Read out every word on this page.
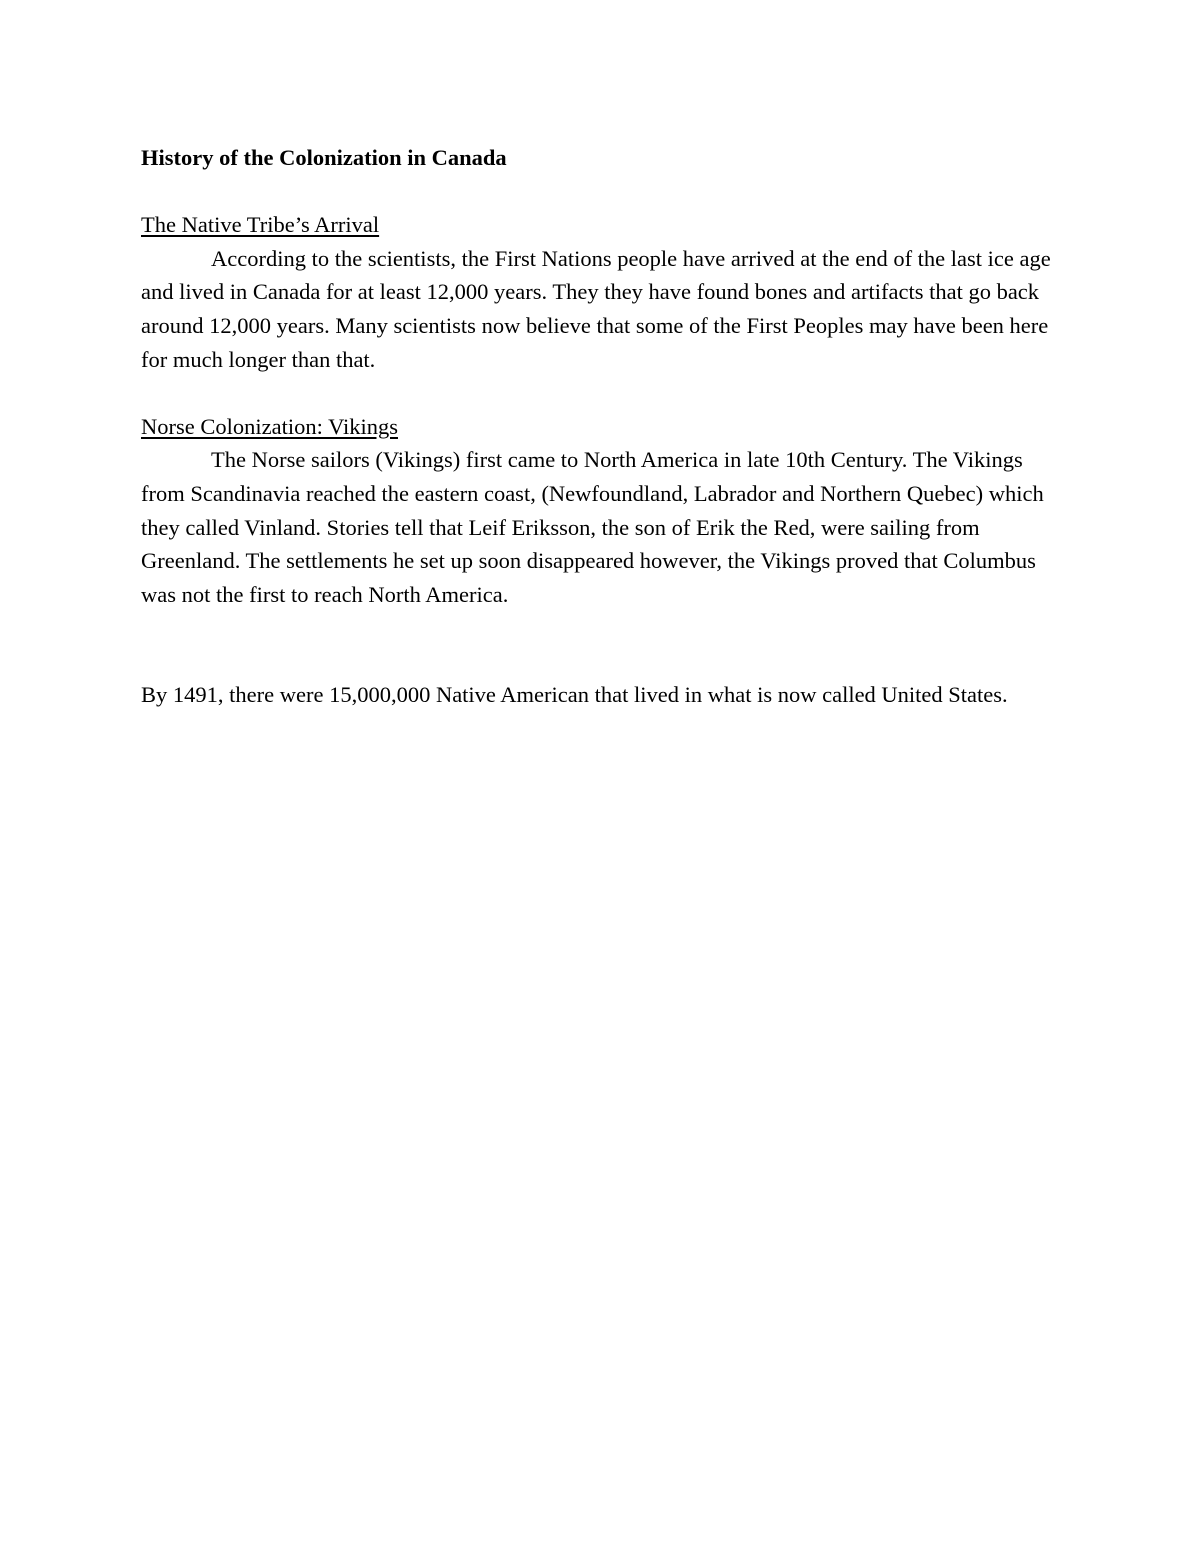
History of the Colonization in Canada

The Native Tribe’s Arrival

According to the scientists, the First Nations people have arrived at the end of the last ice age and lived in Canada for at least 12,000 years. They they have found bones and artifacts that go back around 12,000 years. Many scientists now believe that some of the First Peoples may have been here for much longer than that.

Norse Colonization: Vikings

The Norse sailors (Vikings) first came to North America in late 10th Century. The Vikings from Scandinavia reached the eastern coast, (Newfoundland, Labrador and Northern Quebec) which they called Vinland. Stories tell that Leif Eriksson, the son of Erik the Red, were sailing from Greenland. The settlements he set up soon disappeared however, the Vikings proved that Columbus was not the first to reach North America.

By 1491, there were 15,000,000 Native American that lived in what is now called United States.
